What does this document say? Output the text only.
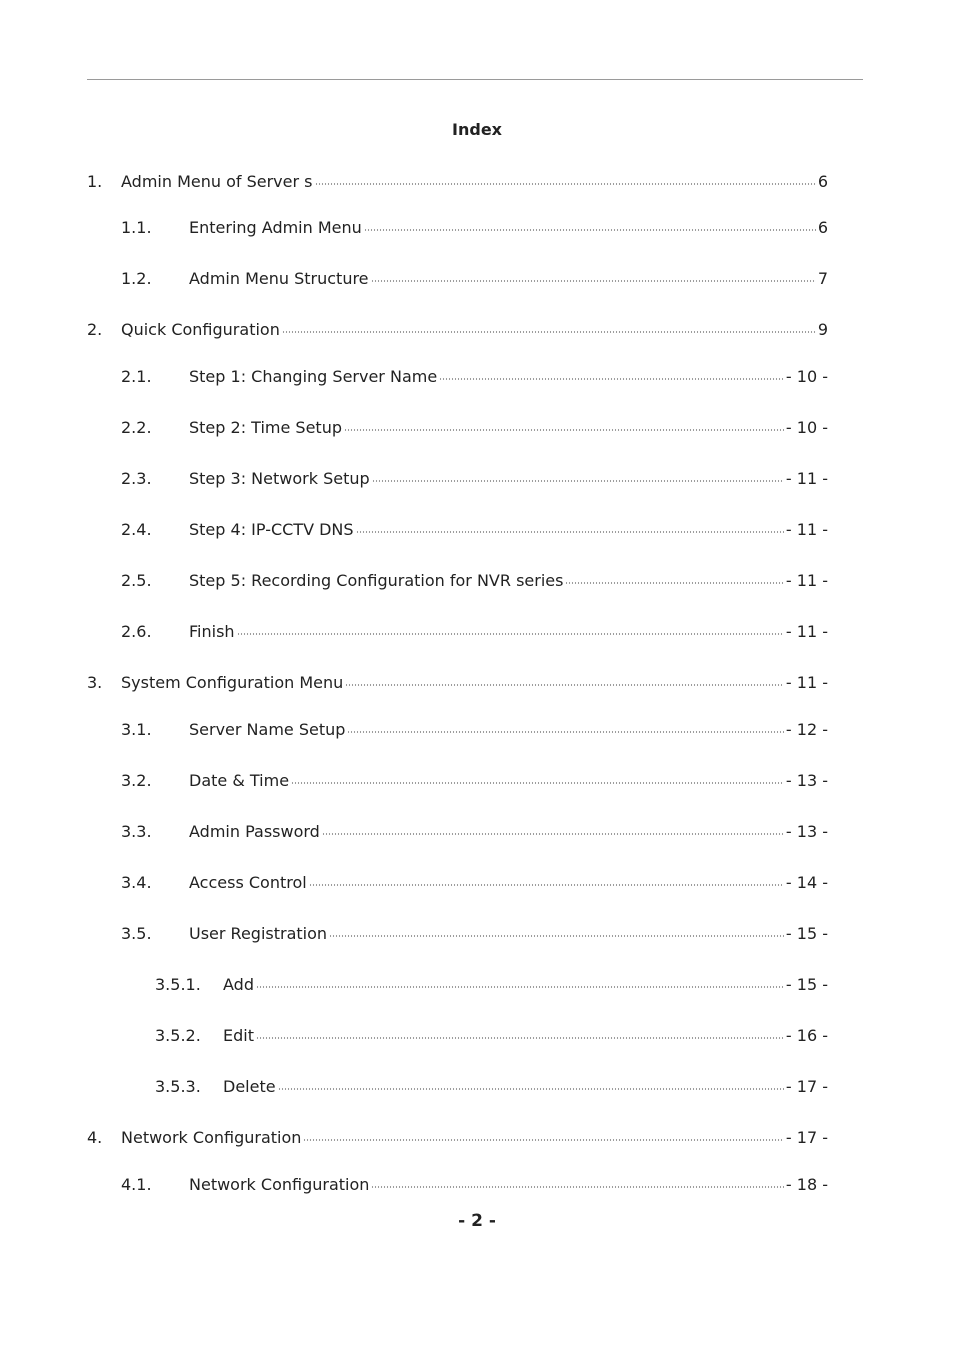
Index
1.	Admin Menu of Server s	6
1.1.	Entering Admin Menu	6
1.2.	Admin Menu Structure	7
2.	Quick Configuration	9
2.1.	Step 1: Changing Server Name	- 10 -
2.2.	Step 2: Time Setup	- 10 -
2.3.	Step 3: Network Setup	- 11 -
2.4.	Step 4: IP-CCTV DNS	- 11 -
2.5.	Step 5: Recording Configuration for NVR series	- 11 -
2.6.	Finish	- 11 -
3.	System Configuration Menu	- 11 -
3.1.	Server Name Setup	- 12 -
3.2.	Date & Time	- 13 -
3.3.	Admin Password	- 13 -
3.4.	Access Control	- 14 -
3.5.	User Registration	- 15 -
3.5.1.	Add	- 15 -
3.5.2.	Edit	- 16 -
3.5.3.	Delete	- 17 -
4.	Network Configuration	- 17 -
4.1.	Network Configuration	- 18 -
- 2 -
